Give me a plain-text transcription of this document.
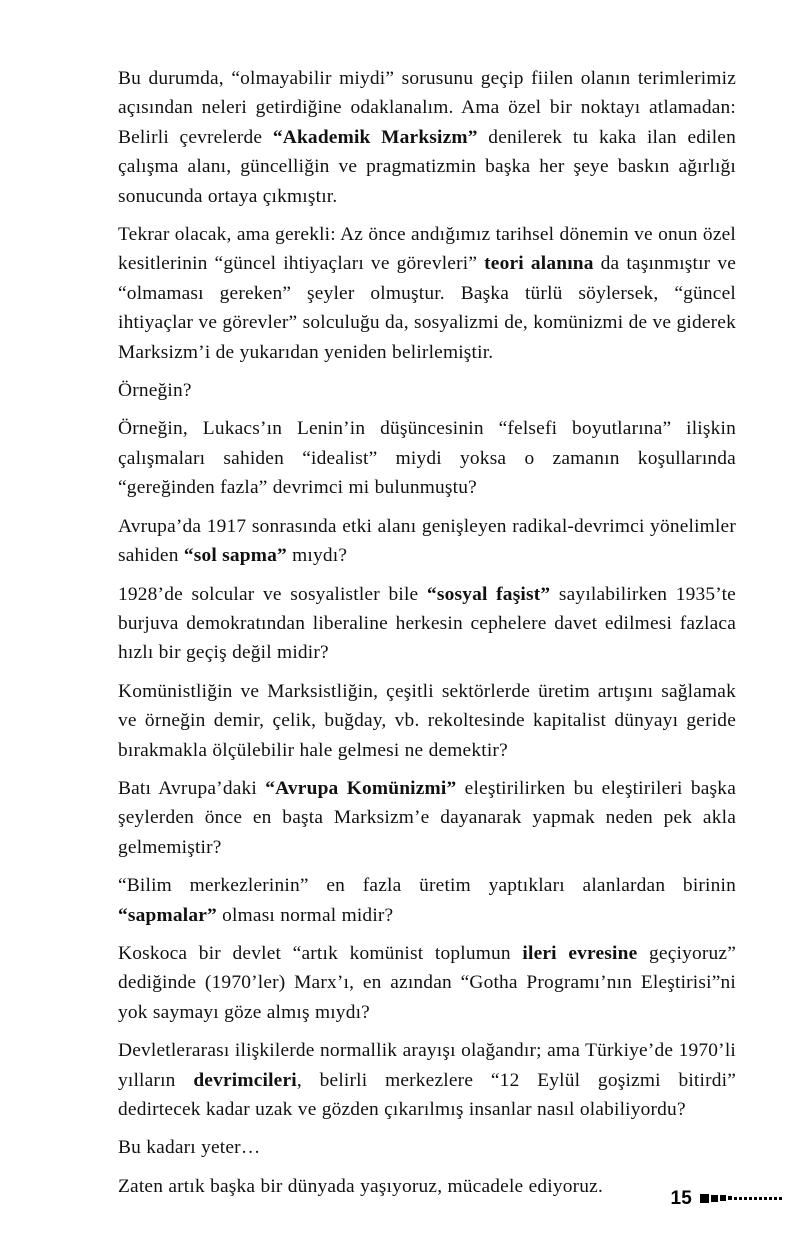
Bu durumda, “olmayabilir miydi” sorusunu geçip fiilen olanın terimlerimiz açısından neleri getirdiğine odaklanalım. Ama özel bir noktayı atlamadan: Belirli çevrelerde “Akademik Marksizm” denilerek tu kaka ilan edilen çalışma alanı, güncelliğin ve pragmatizmin başka her şeye baskın ağırlığı sonucunda ortaya çıkmıştır.

Tekrar olacak, ama gerekli: Az önce andığımız tarihsel dönemin ve onun özel kesitlerinin “güncel ihtiyaçları ve görevleri” teori alanına da taşınmıştır ve “olmaması gereken” şeyler olmuştur. Başka türlü söylersek, “güncel ihtiyaçlar ve görevler” solculuğu da, sosyalizmi de, komünizmi de ve giderek Marksizm’i de yukarıdan yeniden belirlemiştir.

Örneğin?

Örneğin, Lukacs’ın Lenin’in düşüncesinin “felsefi boyutlarına” ilişkin çalışmaları sahiden “idealist” miydi yoksa o zamanın koşullarında “gereğinden fazla” devrimci mi bulunmuştu?

Avrupa’da 1917 sonrasında etki alanı genişleyen radikal-devrimci yönelimler sahiden “sol sapma” mıydı?

1928’de solcular ve sosyalistler bile “sosyal faşist” sayılabilirken 1935’te burjuva demokratından liberaline herkesin cephelere davet edilmesi fazlaca hızlı bir geçiş değil midir?

Komünistliğin ve Marksistliğin, çeşitli sektörlerde üretim artışını sağlamak ve örneğin demir, çelik, buğday, vb. rekoltesinde kapitalist dünyayı geride bırakmakla ölçülebilir hale gelmesi ne demektir?

Batı Avrupa’daki “Avrupa Komünizmi” eleştirilirken bu eleştirileri başka şeylerden önce en başta Marksizm’e dayanarak yapmak neden pek akla gelmemiştir?

“Bilim merkezlerinin” en fazla üretim yaptıkları alanlardan birinin “sapmalar” olması normal midir?

Koskoca bir devlet “artık komünist toplumun ileri evresine geçiyoruz” dediğinde (1970’ler) Marx’ı, en azından “Gotha Programı’nın Eleştirisi”ni yok saymayı göze almış mıydı?

Devletlerarası ilişkilerde normallik arayışı olağandır; ama Türkiye’de 1970’li yılların devrimcileri, belirli merkezlere “12 Eylül goşizmi bitirdi” dedirtecek kadar uzak ve gözden çıkarılmış insanlar nasıl olabiliyordu?

Bu kadarı yeter…

Zaten artık başka bir dünyada yaşıyoruz, mücadele ediyoruz.

15
